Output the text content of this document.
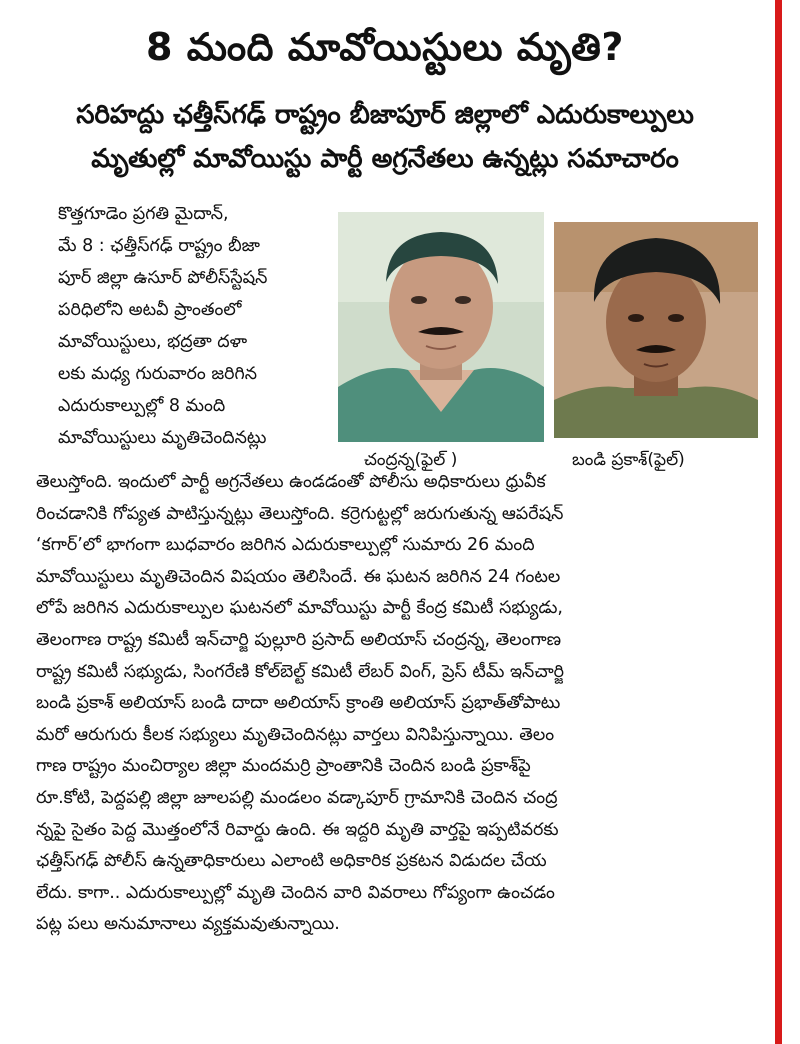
8 మంది మావోయిస్టులు మృతి?
సరిహద్దు ఛత్తీస్‌గఢ్‌ రాష్ట్రం బీజాపూర్‌ జిల్లాలో ఎదురుకాల్పులు
మృతుల్లో మావోయిస్టు పార్టీ అగ్రనేతలు ఉన్నట్లు సమాచారం
కొత్తగూడెం ప్రగతి మైదాన్‌,
మే 8 : ఛత్తీస్‌గఢ్‌ రాష్ట్రం బీజా
పూర్‌ జిల్లా ఉసూర్‌ పోలీస్‌స్టేషన్‌
పరిధిలోని అటవీ ప్రాంతంలో
మావోయిస్టులు, భద్రతా దళా
లకు మధ్య గురువారం జరిగిన
ఎదురుకాల్పుల్లో 8 మంది
మావోయిస్టులు మృతిచెందినట్లు
చంద్రన్న(ఫైల్‌ )	బండి ప్రకాశ్‌(ఫైల్‌)
తెలుస్తోంది. ఇందులో పార్టీ అగ్రనేతలు ఉండడంతో పోలీసు అధికారులు ధ్రువీక
రించడానికి గోప్యత పాటిస్తున్నట్లు తెలుస్తోంది. కర్రెగుట్టల్లో జరుగుతున్న ఆపరేషన్‌
‘కగార్‌’లో భాగంగా బుధవారం జరిగిన ఎదురుకాల్పుల్లో సుమారు 26 మంది
మావోయిస్టులు మృతిచెందిన విషయం తెలిసిందే. ఈ ఘటన జరిగిన 24 గంటల
లోపే జరిగిన ఎదురుకాల్పుల ఘటనలో మావోయిస్టు పార్టీ కేంద్ర కమిటీ సభ్యుడు,
తెలంగాణ రాష్ట్ర కమిటీ ఇన్‌చార్జి పుల్లూరి ప్రసాద్‌ అలియాస్‌ చంద్రన్న, తెలంగాణ
రాష్ట్ర కమిటీ సభ్యుడు, సింగరేణి కోల్‌బెల్ట్‌ కమిటీ లేబర్‌ వింగ్‌, ప్రెస్‌ టీమ్‌ ఇన్‌చార్జి
బండి ప్రకాశ్‌ అలియాస్‌ బండి దాదా అలియాస్‌ క్రాంతి అలియాస్‌ ప్రభాత్‌తోపాటు
మరో ఆరుగురు కీలక సభ్యులు మృతిచెందినట్లు వార్తలు వినిపిస్తున్నాయి. తెలం
గాణ రాష్ట్రం మంచిర్యాల జిల్లా మందమర్రి ప్రాంతానికి చెందిన బండి ప్రకాశ్‌పై
రూ.కోటి, పెద్దపల్లి జిల్లా జూలపల్లి మండలం వడ్కాపూర్‌ గ్రామానికి చెందిన చంద్ర
న్నపై సైతం పెద్ద మొత్తంలోనే రివార్డు ఉంది. ఈ ఇద్దరి మృతి వార్తపై ఇప్పటివరకు
ఛత్తీస్‌గఢ్‌ పోలీస్‌ ఉన్నతాధికారులు ఎలాంటి అధికారిక ప్రకటన విడుదల చేయ
లేదు. కాగా.. ఎదురుకాల్పుల్లో మృతి చెందిన వారి వివరాలు గోప్యంగా ఉంచడం
పట్ల పలు అనుమానాలు వ్యక్తమవుతున్నాయి.
